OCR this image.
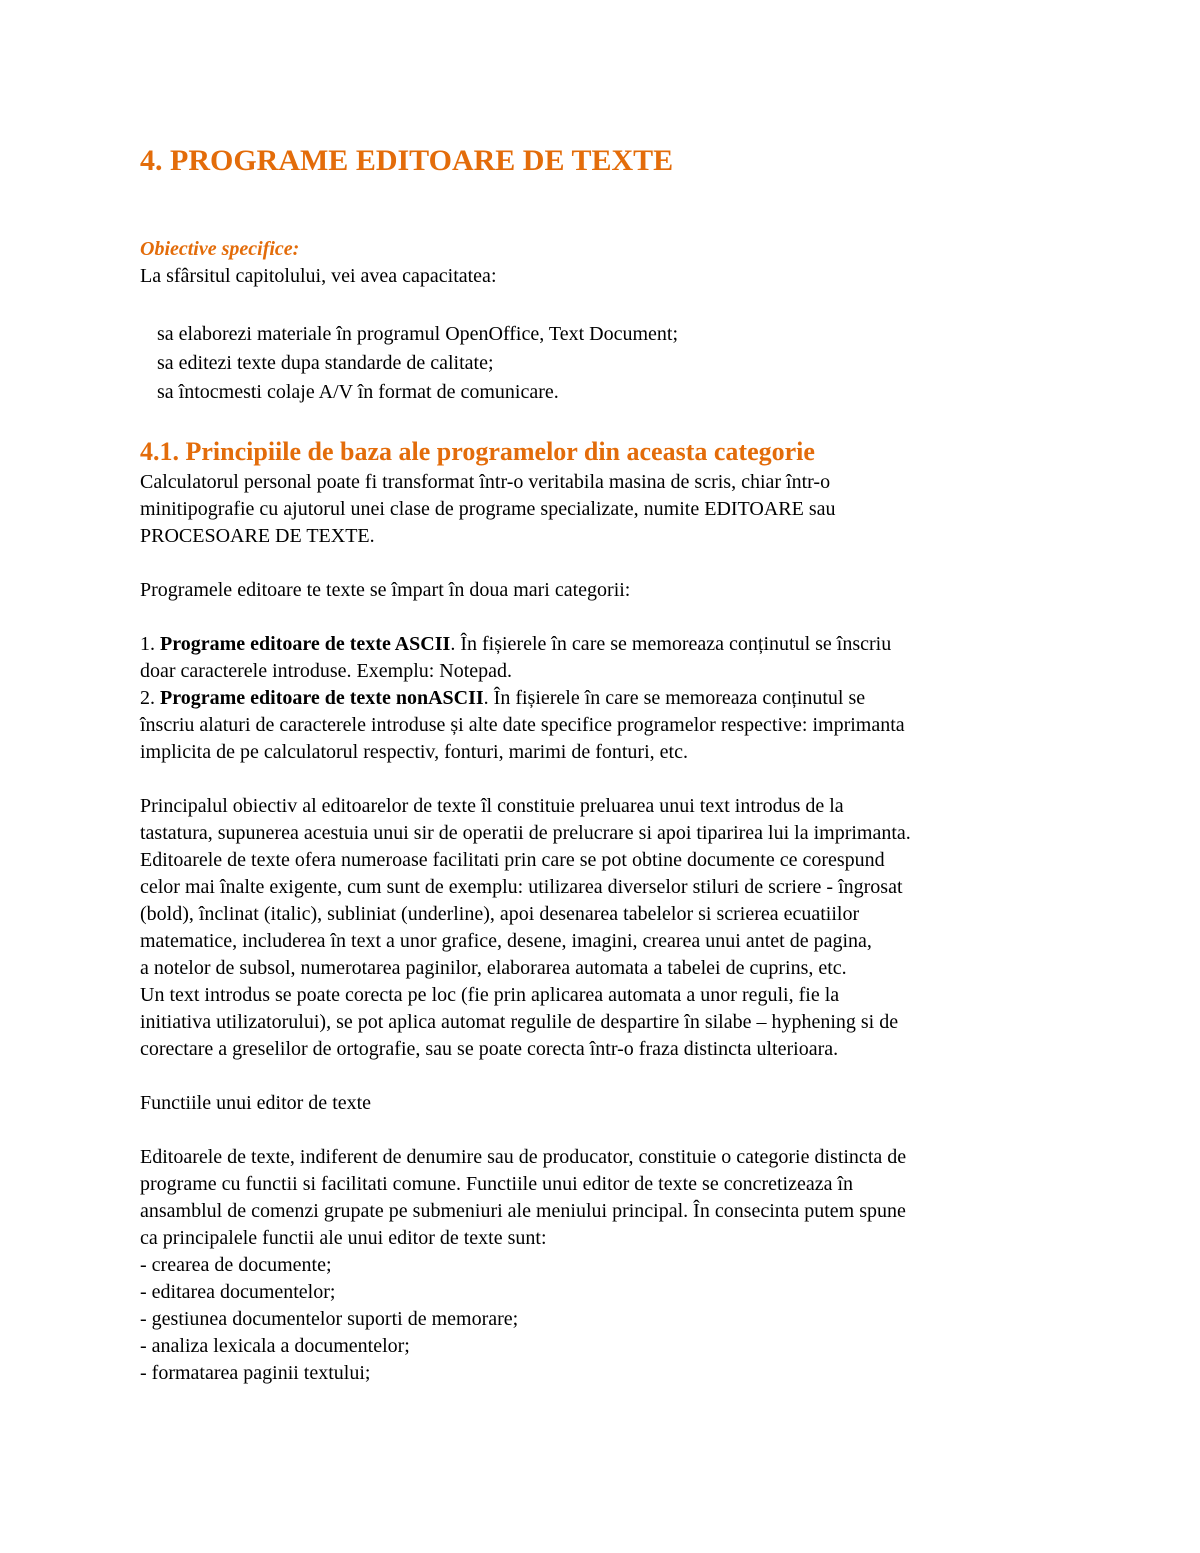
4. PROGRAME EDITOARE DE TEXTE
Obiective specifice:
La sfârsitul capitolului, vei avea capacitatea:
sa elaborezi materiale în programul OpenOffice, Text Document;
sa editezi texte dupa standarde de calitate;
sa întocmesti colaje A/V în format de comunicare.
4.1. Principiile de baza ale programelor din aceasta categorie
Calculatorul personal poate fi transformat într-o veritabila masina de scris, chiar într-o
minitipografie cu ajutorul unei clase de programe specializate, numite EDITOARE sau
PROCESOARE DE TEXTE.
Programele editoare te texte se împart în doua mari categorii:
1. Programe editoare de texte ASCII. În fișierele în care se memoreaza conținutul se înscriu
doar caracterele introduse. Exemplu: Notepad.
2. Programe editoare de texte nonASCII. În fișierele în care se memoreaza conținutul se
înscriu alaturi de caracterele introduse și alte date specifice programelor respective: imprimanta
implicita de pe calculatorul respectiv, fonturi, marimi de fonturi, etc.
Principalul obiectiv al editoarelor de texte îl constituie preluarea unui text introdus de la
tastatura, supunerea acestuia unui sir de operatii de prelucrare si apoi tiparirea lui la imprimanta.
Editoarele de texte ofera numeroase facilitati prin care se pot obtine documente ce corespund
celor mai înalte exigente, cum sunt de exemplu: utilizarea diverselor stiluri de scriere - îngrosat
(bold), înclinat (italic), subliniat (underline), apoi desenarea tabelelor si scrierea ecuatiilor
matematice, includerea în text a unor grafice, desene, imagini, crearea unui antet de pagina,
a notelor de subsol, numerotarea paginilor, elaborarea automata a tabelei de cuprins, etc.
Un text introdus se poate corecta pe loc (fie prin aplicarea automata a unor reguli, fie la
initiativa utilizatorului), se pot aplica automat regulile de despartire în silabe – hyphening si de
corectare a greselilor de ortografie, sau se poate corecta într-o fraza distincta ulterioara.
Functiile unui editor de texte
Editoarele de texte, indiferent de denumire sau de producator, constituie o categorie distincta de
programe cu functii si facilitati comune. Functiile unui editor de texte se concretizeaza în
ansamblul de comenzi grupate pe submeniuri ale meniului principal. În consecinta putem spune
ca principalele functii ale unui editor de texte sunt:
- crearea de documente;
- editarea documentelor;
- gestiunea documentelor suporti de memorare;
- analiza lexicala a documentelor;
- formatarea paginii textului;
